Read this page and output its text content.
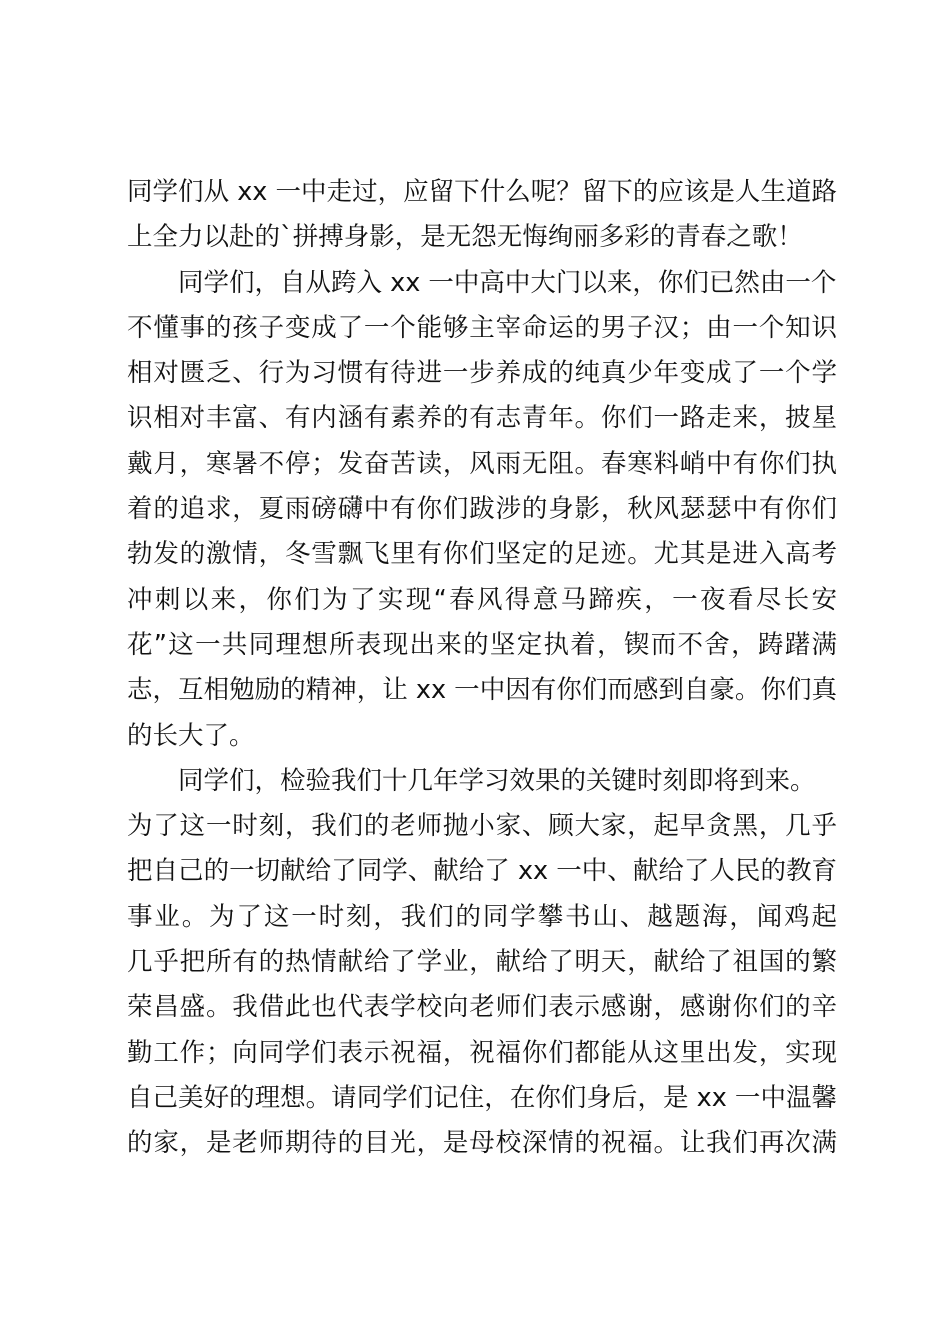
同学们从 xx 一中走过，应留下什么呢？留下的应该是人生道路
上全力以赴的`拼搏身影，是无怨无悔绚丽多彩的青春之歌！
同学们，自从跨入 xx 一中高中大门以来，你们已然由一个
不懂事的孩子变成了一个能够主宰命运的男子汉；由一个知识
相对匮乏、行为习惯有待进一步养成的纯真少年变成了一个学
识相对丰富、有内涵有素养的有志青年。你们一路走来，披星
戴月，寒暑不停；发奋苦读，风雨无阻。春寒料峭中有你们执
着的追求，夏雨磅礴中有你们跋涉的身影，秋风瑟瑟中有你们
勃发的激情，冬雪飘飞里有你们坚定的足迹。尤其是进入高考
冲刺以来，你们为了实现“春风得意马蹄疾，一夜看尽长安
花”这一共同理想所表现出来的坚定执着，锲而不舍，踌躇满
志，互相勉励的精神，让 xx 一中因有你们而感到自豪。你们真
的长大了。
同学们，检验我们十几年学习效果的关键时刻即将到来。
为了这一时刻，我们的老师抛小家、顾大家，起早贪黑，几乎
把自己的一切献给了同学、献给了 xx 一中、献给了人民的教育
事业。为了这一时刻，我们的同学攀书山、越题海，闻鸡起
几乎把所有的热情献给了学业，献给了明天，献给了祖国的繁
荣昌盛。我借此也代表学校向老师们表示感谢，感谢你们的辛
勤工作；向同学们表示祝福，祝福你们都能从这里出发，实现
自己美好的理想。请同学们记住，在你们身后，是 xx 一中温馨
的家，是老师期待的目光，是母校深情的祝福。让我们再次满
